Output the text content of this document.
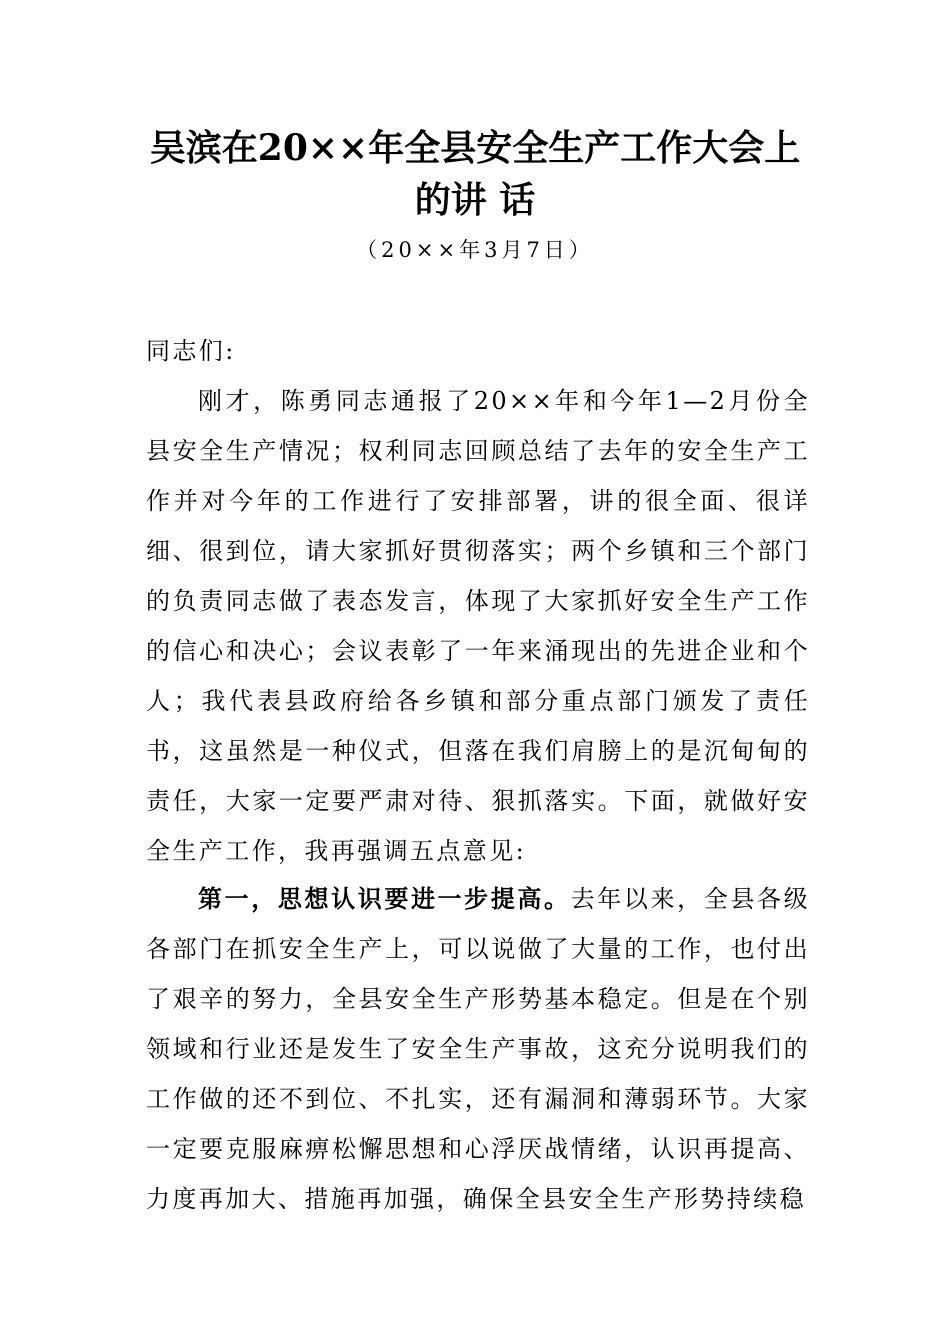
吴滨在20××年全县安全生产工作大会上
的讲 话
（20××年3月7日）
同志们:
刚才，陈勇同志通报了20××年和今年1—2月份全县安全生产情况；权利同志回顾总结了去年的安全生产工作并对今年的工作进行了安排部署，讲的很全面、很详细、很到位，请大家抓好贯彻落实；两个乡镇和三个部门的负责同志做了表态发言，体现了大家抓好安全生产工作的信心和决心；会议表彰了一年来涌现出的先进企业和个人；我代表县政府给各乡镇和部分重点部门颁发了责任书，这虽然是一种仪式，但落在我们肩膀上的是沉甸甸的责任，大家一定要严肃对待、狠抓落实。下面，就做好安全生产工作，我再强调五点意见:
第一，思想认识要进一步提高。去年以来，全县各级各部门在抓安全生产上，可以说做了大量的工作，也付出了艰辛的努力，全县安全生产形势基本稳定。但是在个别领域和行业还是发生了安全生产事故，这充分说明我们的工作做的还不到位、不扎实，还有漏洞和薄弱环节。大家一定要克服麻痹松懈思想和心浮厌战情绪，认识再提高、力度再加大、措施再加强，确保全县安全生产形势持续稳
